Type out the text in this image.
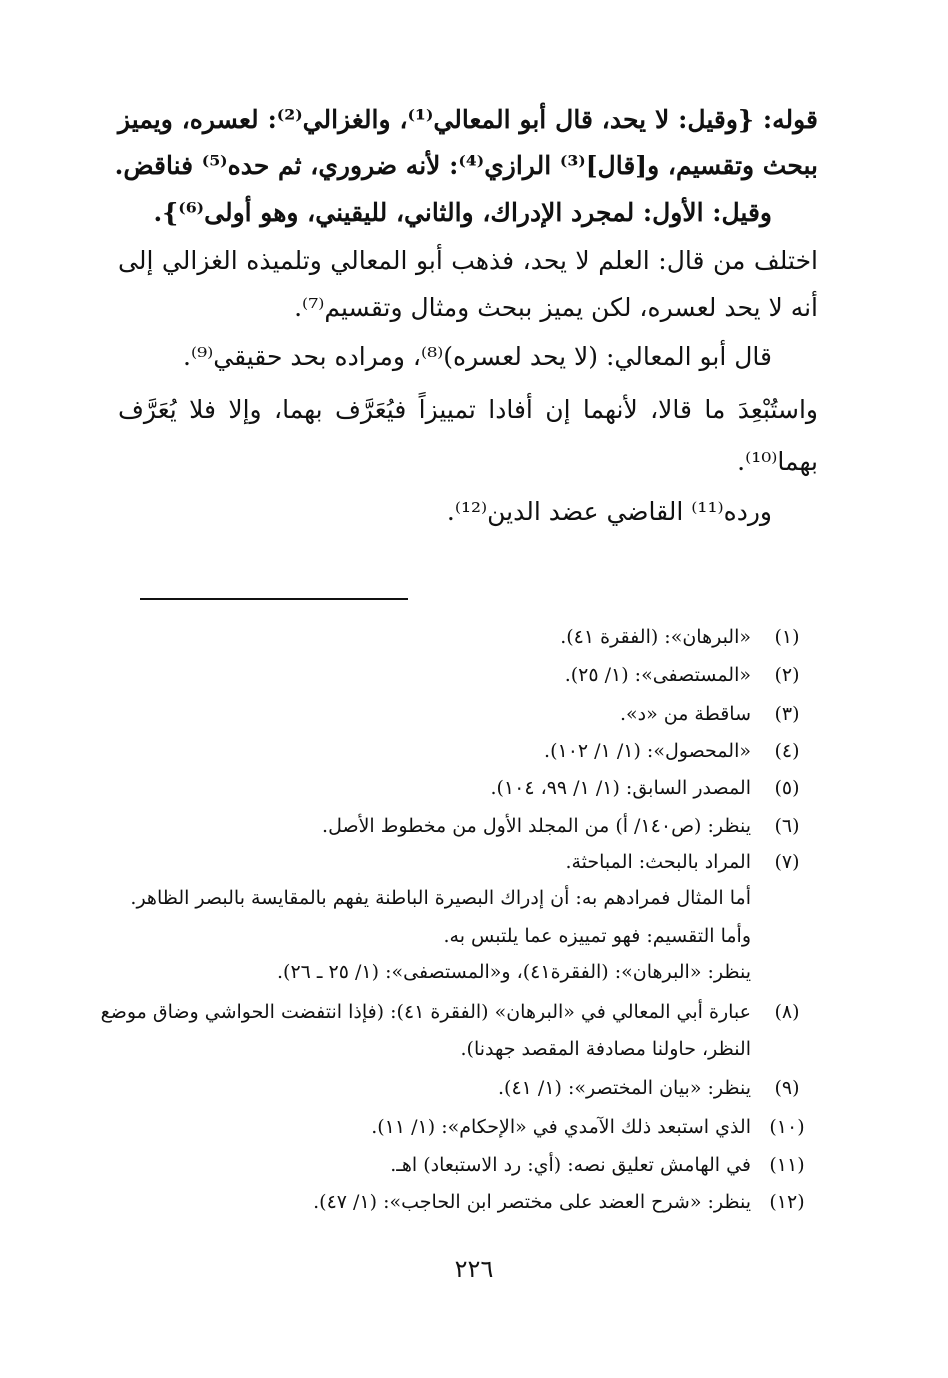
قوله: {وقيل: لا يحد، قال أبو المعالي⁽¹⁾، والغزالي⁽²⁾: لعسره، ويميز
ببحث وتقسيم، و[قال]⁽³⁾ الرازي⁽⁴⁾: لأنه ضروري، ثم حده⁽⁵⁾ فناقض.
وقيل: الأول: لمجرد الإدراك، والثاني، لليقيني، وهو أولى⁽⁶⁾}.
اختلف من قال: العلم لا يحد، فذهب أبو المعالي وتلميذه الغزالي إلى
أنه لا يحد لعسره، لكن يميز ببحث ومثال وتقسيم⁽⁷⁾.
قال أبو المعالي: (لا يحد لعسره)⁽⁸⁾، ومراده بحد حقيقي⁽⁹⁾.
واستُبْعِدَ ما قالا، لأنهما إن أفادا تمييزاً فيُعَرَّف بهما، وإلا فلا يُعَرَّف
بهما⁽¹⁰⁾.
ورده⁽¹¹⁾ القاضي عضد الدين⁽¹²⁾.
(١)
«البرهان»: (الفقرة ٤١).
(٢)
«المستصفى»: (١/ ٢٥).
(٣)
ساقطة من «د».
(٤)
«المحصول»: (١/ ١/ ١٠٢).
(٥)
المصدر السابق: (١/ ١/ ٩٩، ١٠٤).
(٦)
ينظر: (ص١٤٠/ أ) من المجلد الأول من مخطوط الأصل.
(٧)
المراد بالبحث: المباحثة.
أما المثال فمرادهم به: أن إدراك البصيرة الباطنة يفهم بالمقايسة بالبصر الظاهر.
وأما التقسيم: فهو تمييزه عما يلتبس به.
ينظر: «البرهان»: (الفقرة٤١)، و«المستصفى»: (١/ ٢٥ ـ ٢٦).
(٨)
عبارة أبي المعالي في «البرهان» (الفقرة ٤١): (فإذا انتفضت الحواشي وضاق موضع
النظر، حاولنا مصادفة المقصد جهدنا).
(٩)
ينظر: «بيان المختصر»: (١/ ٤١).
(١٠)
الذي استبعد ذلك الآمدي في «الإحكام»: (١/ ١١).
(١١)
في الهامش تعليق نصه: (أي: رد الاستبعاد) اهـ.
(١٢)
ينظر: «شرح العضد على مختصر ابن الحاجب»: (١/ ٤٧).
٢٢٦
